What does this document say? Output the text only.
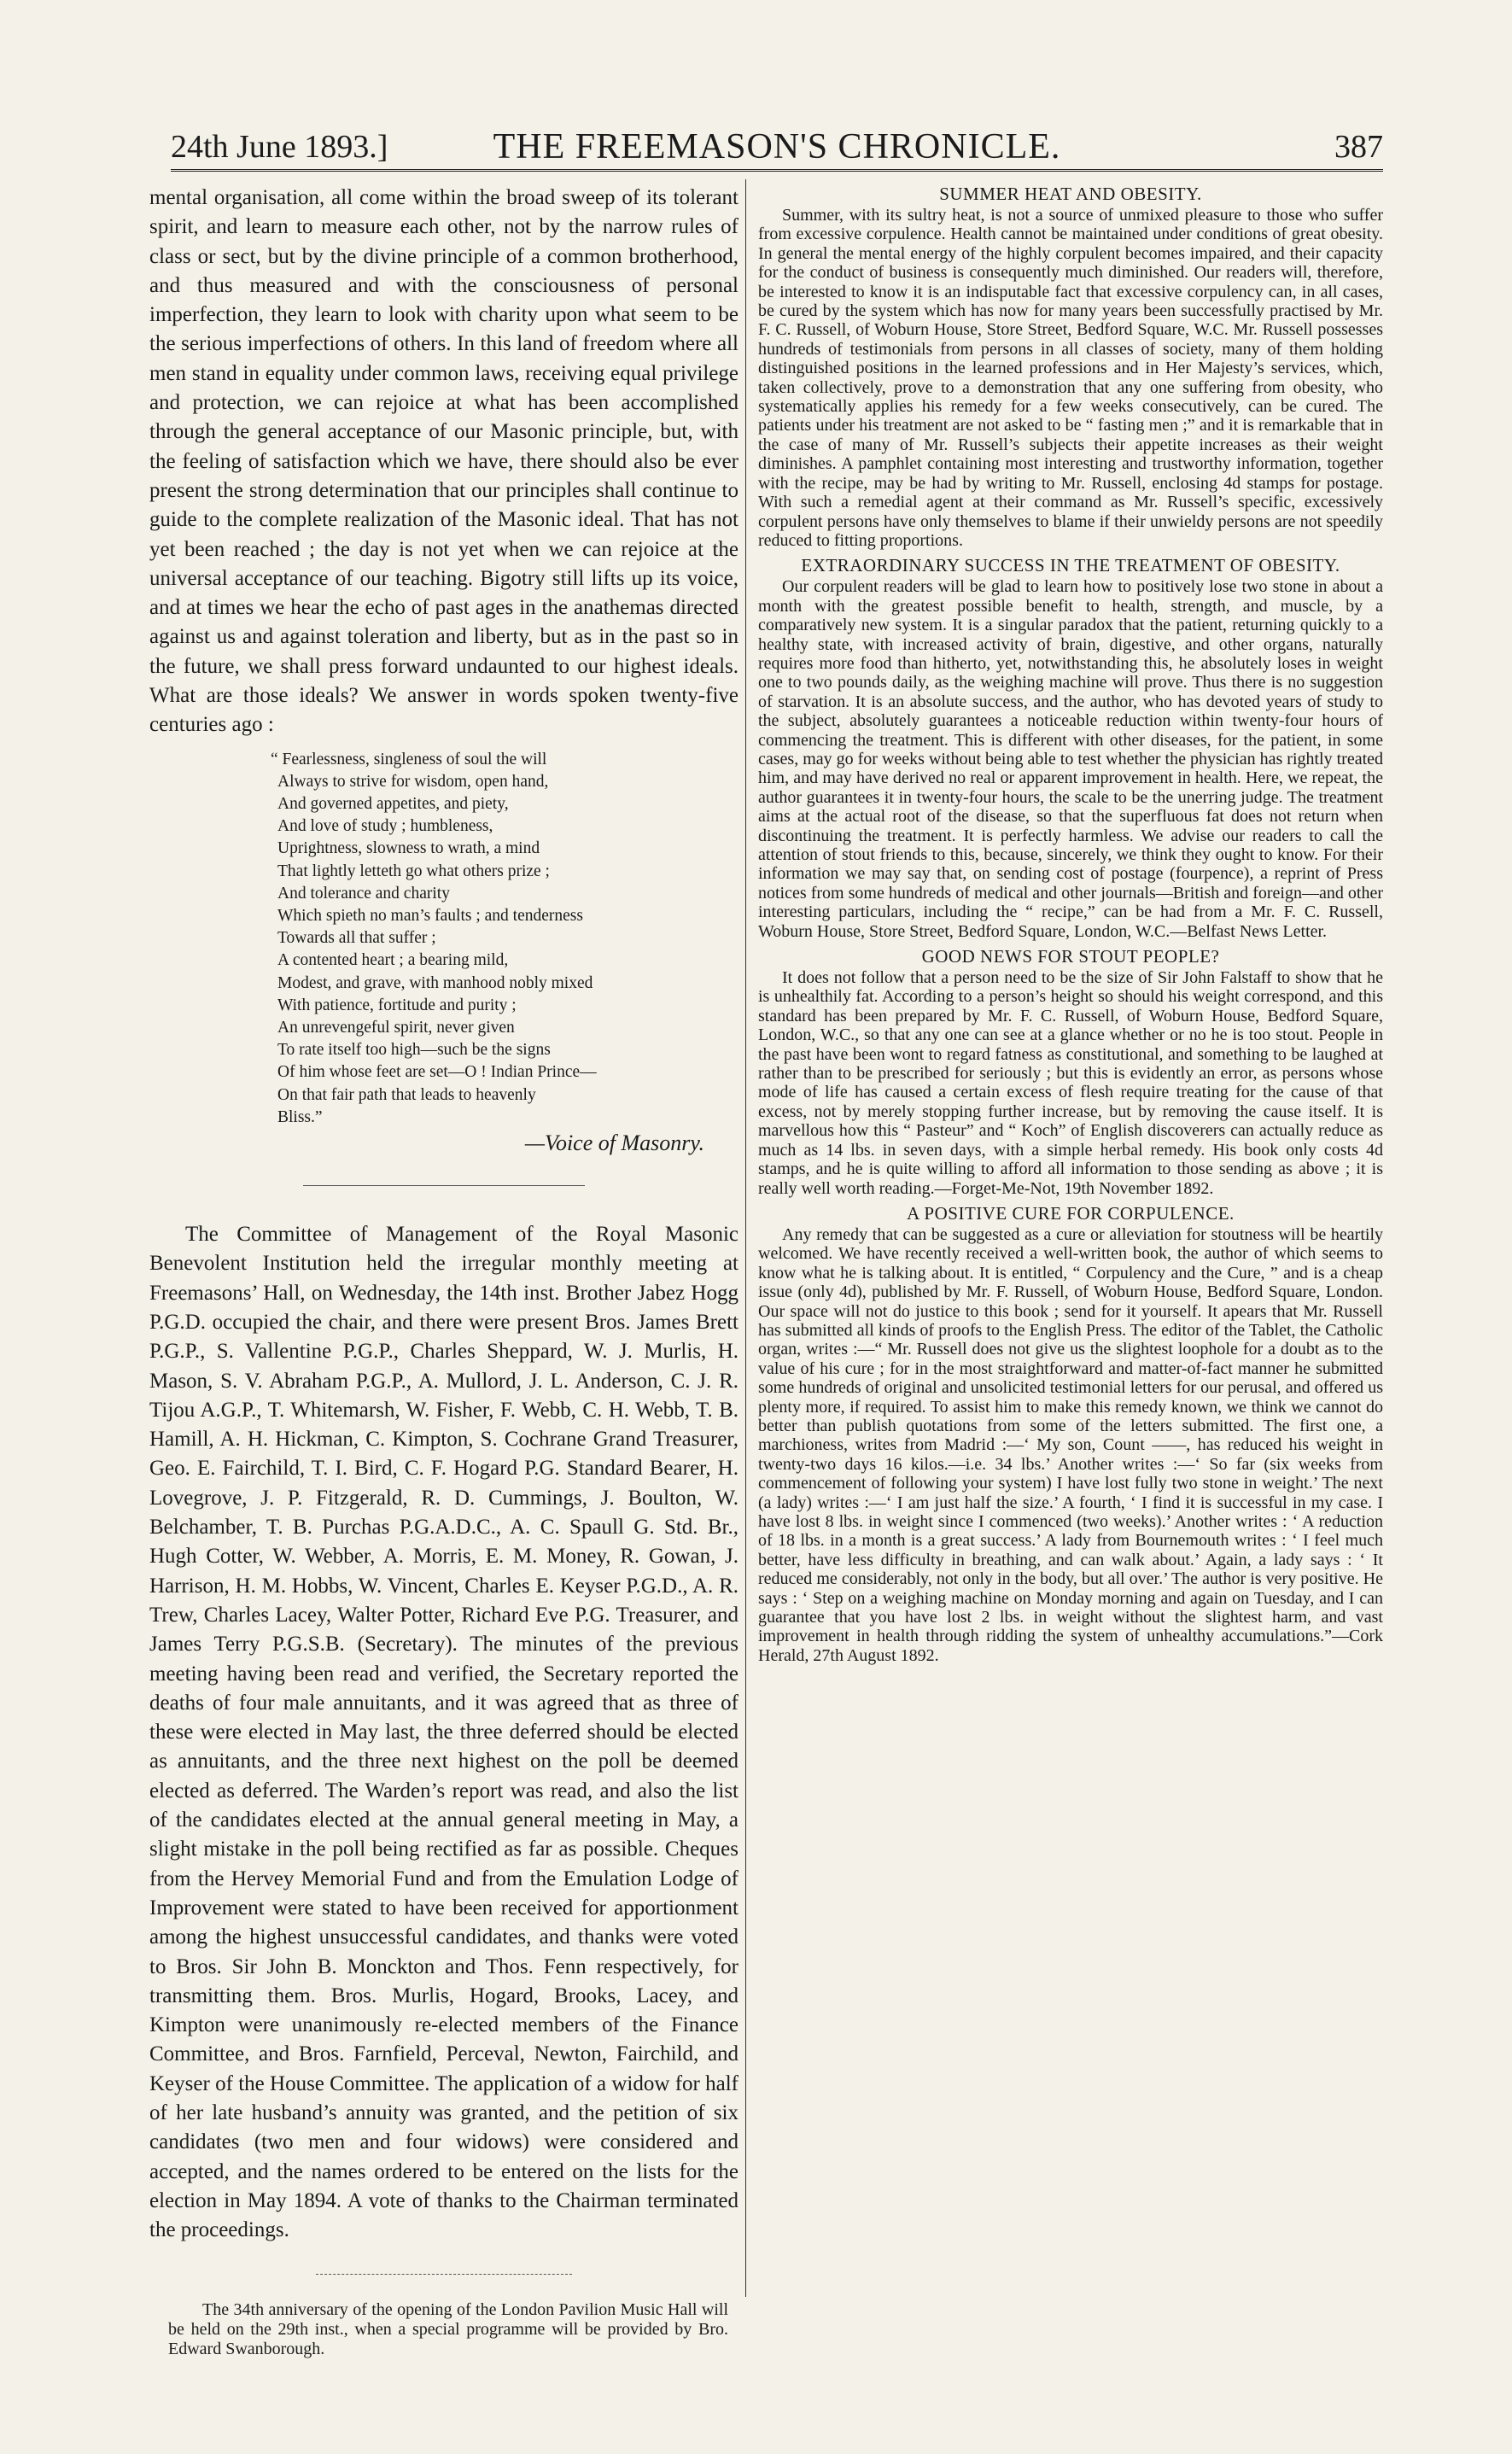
24th June 1893.]	THE FREEMASON'S CHRONICLE.	387

mental organisation, all come within the broad sweep of its tolerant spirit, and learn to measure each other, not by the narrow rules of class or sect, but by the divine principle of a common brotherhood, and thus measured and with the consciousness of personal imperfection, they learn to look with charity upon what seem to be the serious imperfections of others. In this land of freedom where all men stand in equality under common laws, receiving equal privilege and protection, we can rejoice at what has been accomplished through the general acceptance of our Masonic principle, but, with the feeling of satisfaction which we have, there should also be ever present the strong determination that our principles shall continue to guide to the complete realization of the Masonic ideal. That has not yet been reached ; the day is not yet when we can rejoice at the universal acceptance of our teaching. Bigotry still lifts up its voice, and at times we hear the echo of past ages in the anathemas directed against us and against toleration and liberty, but as in the past so in the future, we shall press forward undaunted to our highest ideals. What are those ideals? We answer in words spoken twenty-five centuries ago :

“ Fearlessness, singleness of soul the will
Always to strive for wisdom, open hand,
And governed appetites, and piety,
And love of study ; humbleness,
Uprightness, slowness to wrath, a mind
That lightly letteth go what others prize ;
And tolerance and charity
Which spieth no man’s faults ; and tenderness
Towards all that suffer ;
A contented heart ; a bearing mild,
Modest, and grave, with manhood nobly mixed
With patience, fortitude and purity ;
An unrevengeful spirit, never given
To rate itself too high—such be the signs
Of him whose feet are set—O ! Indian Prince—
On that fair path that leads to heavenly
Bliss.”
—Voice of Masonry.

The Committee of Management of the Royal Masonic Benevolent Institution held the irregular monthly meeting at Freemasons’ Hall, on Wednesday, the 14th inst. Brother Jabez Hogg P.G.D. occupied the chair, and there were present Bros. James Brett P.G.P., S. Vallentine P.G.P., Charles Sheppard, W. J. Murlis, H. Mason, S. V. Abraham P.G.P., A. Mullord, J. L. Anderson, C. J. R. Tijou A.G.P., T. Whitemarsh, W. Fisher, F. Webb, C. H. Webb, T. B. Hamill, A. H. Hickman, C. Kimpton, S. Cochrane Grand Treasurer, Geo. E. Fairchild, T. I. Bird, C. F. Hogard P.G. Standard Bearer, H. Lovegrove, J. P. Fitzgerald, R. D. Cummings, J. Boulton, W. Belchamber, T. B. Purchas P.G.A.D.C., A. C. Spaull G. Std. Br., Hugh Cotter, W. Webber, A. Morris, E. M. Money, R. Gowan, J. Harrison, H. M. Hobbs, W. Vincent, Charles E. Keyser P.G.D., A. R. Trew, Charles Lacey, Walter Potter, Richard Eve P.G. Treasurer, and James Terry P.G.S.B. (Secretary). The minutes of the previous meeting having been read and verified, the Secretary reported the deaths of four male annuitants, and it was agreed that as three of these were elected in May last, the three deferred should be elected as annuitants, and the three next highest on the poll be deemed elected as deferred. The Warden’s report was read, and also the list of the candidates elected at the annual general meeting in May, a slight mistake in the poll being rectified as far as possible. Cheques from the Hervey Memorial Fund and from the Emulation Lodge of Improvement were stated to have been received for apportionment among the highest unsuccessful candidates, and thanks were voted to Bros. Sir John B. Monckton and Thos. Fenn respectively, for transmitting them. Bros. Murlis, Hogard, Brooks, Lacey, and Kimpton were unanimously re-elected members of the Finance Committee, and Bros. Farnfield, Perceval, Newton, Fairchild, and Keyser of the House Committee. The application of a widow for half of her late husband’s annuity was granted, and the petition of six candidates (two men and four widows) were considered and accepted, and the names ordered to be entered on the lists for the election in May 1894. A vote of thanks to the Chairman terminated the proceedings.

The 34th anniversary of the opening of the London Pavilion Music Hall will be held on the 29th inst., when a special programme will be provided by Bro. Edward Swanborough.

SUMMER HEAT AND OBESITY.

Summer, with its sultry heat, is not a source of unmixed pleasure to those who suffer from excessive corpulence. Health cannot be maintained under conditions of great obesity. In general the mental energy of the highly corpulent becomes impaired, and their capacity for the conduct of business is consequently much diminished. Our readers will, therefore, be interested to know it is an indisputable fact that excessive corpulency can, in all cases, be cured by the system which has now for many years been successfully practised by Mr. F. C. Russell, of Woburn House, Store Street, Bedford Square, W.C. Mr. Russell possesses hundreds of testimonials from persons in all classes of society, many of them holding distinguished positions in the learned professions and in Her Majesty’s services, which, taken collectively, prove to a demonstration that any one suffering from obesity, who systematically applies his remedy for a few weeks consecutively, can be cured. The patients under his treatment are not asked to be “ fasting men ;” and it is remarkable that in the case of many of Mr. Russell’s subjects their appetite increases as their weight diminishes. A pamphlet containing most interesting and trustworthy information, together with the recipe, may be had by writing to Mr. Russell, enclosing 4d stamps for postage. With such a remedial agent at their command as Mr. Russell’s specific, excessively corpulent persons have only themselves to blame if their unwieldy persons are not speedily reduced to fitting proportions.

EXTRAORDINARY SUCCESS IN THE TREATMENT OF OBESITY.

Our corpulent readers will be glad to learn how to positively lose two stone in about a month with the greatest possible benefit to health, strength, and muscle, by a comparatively new system. It is a singular paradox that the patient, returning quickly to a healthy state, with increased activity of brain, digestive, and other organs, naturally requires more food than hitherto, yet, notwithstanding this, he absolutely loses in weight one to two pounds daily, as the weighing machine will prove. Thus there is no suggestion of starvation. It is an absolute success, and the author, who has devoted years of study to the subject, absolutely guarantees a noticeable reduction within twenty-four hours of commencing the treatment. This is different with other diseases, for the patient, in some cases, may go for weeks without being able to test whether the physician has rightly treated him, and may have derived no real or apparent improvement in health. Here, we repeat, the author guarantees it in twenty-four hours, the scale to be the unerring judge. The treatment aims at the actual root of the disease, so that the superfluous fat does not return when discontinuing the treatment. It is perfectly harmless. We advise our readers to call the attention of stout friends to this, because, sincerely, we think they ought to know. For their information we may say that, on sending cost of postage (fourpence), a reprint of Press notices from some hundreds of medical and other journals—British and foreign—and other interesting particulars, including the “ recipe,” can be had from a Mr. F. C. Russell, Woburn House, Store Street, Bedford Square, London, W.C.—Belfast News Letter.

GOOD NEWS FOR STOUT PEOPLE?

It does not follow that a person need to be the size of Sir John Falstaff to show that he is unhealthily fat. According to a person’s height so should his weight correspond, and this standard has been prepared by Mr. F. C. Russell, of Woburn House, Bedford Square, London, W.C., so that any one can see at a glance whether or no he is too stout. People in the past have been wont to regard fatness as constitutional, and something to be laughed at rather than to be prescribed for seriously ; but this is evidently an error, as persons whose mode of life has caused a certain excess of flesh require treating for the cause of that excess, not by merely stopping further increase, but by removing the cause itself. It is marvellous how this “ Pasteur” and “ Koch” of English discoverers can actually reduce as much as 14 lbs. in seven days, with a simple herbal remedy. His book only costs 4d stamps, and he is quite willing to afford all information to those sending as above ; it is really well worth reading.—Forget-Me-Not, 19th November 1892.

A POSITIVE CURE FOR CORPULENCE.

Any remedy that can be suggested as a cure or alleviation for stoutness will be heartily welcomed. We have recently received a well-written book, the author of which seems to know what he is talking about. It is entitled, “ Corpulency and the Cure, ” and is a cheap issue (only 4d), published by Mr. F. Russell, of Woburn House, Bedford Square, London. Our space will not do justice to this book ; send for it yourself. It apears that Mr. Russell has submitted all kinds of proofs to the English Press. The editor of the Tablet, the Catholic organ, writes :—“ Mr. Russell does not give us the slightest loophole for a doubt as to the value of his cure ; for in the most straightforward and matter-of-fact manner he submitted some hundreds of original and unsolicited testimonial letters for our perusal, and offered us plenty more, if required. To assist him to make this remedy known, we think we cannot do better than publish quotations from some of the letters submitted. The first one, a marchioness, writes from Madrid :—‘ My son, Count ——, has reduced his weight in twenty-two days 16 kilos.—i.e. 34 lbs.’ Another writes :—‘ So far (six weeks from commencement of following your system) I have lost fully two stone in weight.’ The next (a lady) writes :—‘ I am just half the size.’ A fourth, ‘ I find it is successful in my case. I have lost 8 lbs. in weight since I commenced (two weeks).’ Another writes : ‘ A reduction of 18 lbs. in a month is a great success.’ A lady from Bournemouth writes : ‘ I feel much better, have less difficulty in breathing, and can walk about.’ Again, a lady says : ‘ It reduced me considerably, not only in the body, but all over.’ The author is very positive. He says : ‘ Step on a weighing machine on Monday morning and again on Tuesday, and I can guarantee that you have lost 2 lbs. in weight without the slightest harm, and vast improvement in health through ridding the system of unhealthy accumulations.”—Cork Herald, 27th August 1892.
